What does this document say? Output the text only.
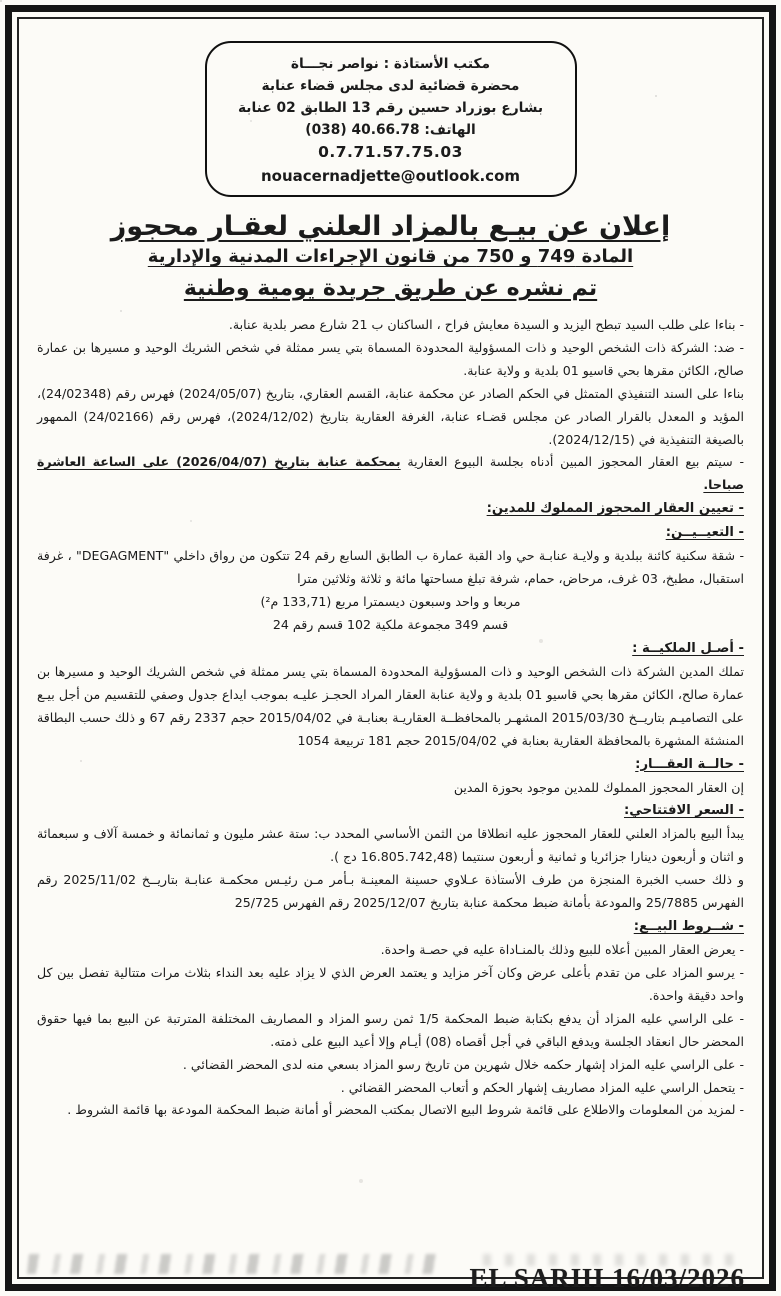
مكتب الأستاذة : نواصر نجـــاة
محضرة قضائية لدى مجلس قضاء عنابة
بشارع بوزراد حسين رقم 13 الطابق 02 عنابة
الهاتف: 40.66.78 (038)
0.7.71.57.75.03
nouacernadjette@outlook.com
إعلان عن بيـع بالمزاد العلني لعقـار محجوز
المادة 749 و 750 من قانون الإجراءات المدنية والإدارية
تم نشره عن طريق جريدة يومية وطنية

- بناءا على طلب السيد تبطح اليزيد و السيدة معايش فراح ، الساكنان ب 21 شارع مصر بلدية عنابة.

- ضد: الشركة ذات الشخص الوحيد و ذات المسؤولية المحدودة المسماة بتي يسر ممثلة في شخص الشريك الوحيد و مسيرها بن عمارة صالح، الكائن مقرها بحي قاسيو 01 بلدية و ولاية عنابة.

بناءا على السند التنفيذي المتمثل في الحكم الصادر عن محكمة عنابة، القسم العقاري، بتاريخ (2024/05/07) فهرس رقم (24/02348)، المؤيد و المعدل بالقرار الصادر عن مجلس قضـاء عنابة، الغرفة العقارية بتاريخ (2024/12/02)، فهرس رقم (24/02166) الممهور بالصيغة التنفيذية في (2024/12/15).

- سيتم بيع العقار المحجوز المبين أدناه بجلسة البيوع العقارية بمحكمة عنابة بتاريخ (2026/04/07) على الساعة العاشرة صباحا.

- تعيين العقار المحجوز المملوك للمدين:

- التعيــيــن:

- شقة سكنية كائنة ببلدية و ولايـة عنابـة حي واد القبة عمارة ب الطابق السابع رقم 24 تتكون من رواق داخلي "DEGAGMENT" ، غرفة استقبال، مطبخ، 03 غرف، مرحاض، حمام، شرفة تبلغ مساحتها مائة و ثلاثة وثلاثين مترا

مربعا و واحد وسبعون ديسمترا مربع (133,71 م²)

قسم 349 مجموعة ملكية 102 قسم رقم 24

- أصـل الملكيــة :

تملك المدين الشركة ذات الشخص الوحيد و ذات المسؤولية المحدودة المسماة بتي يسر ممثلة في شخص الشريك الوحيد و مسيرها بن عمارة صالح، الكائن مقرها بحي قاسيو 01 بلدية و ولاية عنابة العقار المراد الحجـز عليـه بموجب ايداع جدول وصفي للتقسيم من أجل بيـع على التصاميـم بتاريــخ 2015/03/30 المشهـر بالمحافظــة العقاريـة بعنابـة في 2015/04/02 حجم 2337 رقم 67 و ذلك حسب البطاقة المنشئة المشهرة بالمحافظة العقارية بعنابة في 2015/04/02 حجم 181 تربيعة 1054

- حالــة العقـــار:

إن العقار المحجوز المملوك للمدين موجود بحوزة المدين

- السعر الافتتاحي:

يبدأ البيع بالمزاد العلني للعقار المحجوز عليه انطلاقا من الثمن الأساسي المحدد ب: ستة عشر مليون و ثمانمائة و خمسة آلاف و سبعمائة و اثنان و أربعون دينارا جزائريا و ثمانية و أربعون سنتيما (16.805.742,48 دج ).

و ذلك حسب الخبرة المنجزة من طرف الأستاذة عـلاوي حسينة المعينـة بـأمر مـن رئيـس محكمـة عنابـة بتاريــخ 2025/11/02 رقم الفهرس 25/7885 والمودعة بأمانة ضبط محكمة عنابة بتاريخ 2025/12/07 رقم الفهرس 25/725

- شــروط البيــع:

- يعرض العقار المبين أعلاه للبيع وذلك بالمنـاداة عليه في حصـة واحدة.

- يرسو المزاد على من تقدم بأعلى عرض وكان آخر مزايد و يعتمد العرض الذي لا يزاد عليه بعد النداء بثلاث مرات متتالية تفصل بين كل واحد دقيقة واحدة.

- على الراسي عليه المزاد أن يدفع بكتابة ضبط المحكمة 1/5 ثمن رسو المزاد و المصاريف المختلفة المترتبة عن البيع بما فيها حقوق المحضر حال انعقاد الجلسة ويدفع الباقي في أجل أقصاه (08) أيـام وإلا أعيد البيع على ذمته.

- على الراسي عليه المزاد إشهار حكمه خلال شهرين من تاريخ رسو المزاد بسعي منه لدى المحضر القضائي .

- يتحمل الراسي عليه المزاد مصاريف إشهار الحكم و أتعاب المحضر القضائي .

- لمزيد من المعلومات والاطلاع على قائمة شروط البيع الاتصال بمكتب المحضر أو أمانة ضبط المحكمة المودعة بها قائمة الشروط .

EL SARIH 16/03/2026
